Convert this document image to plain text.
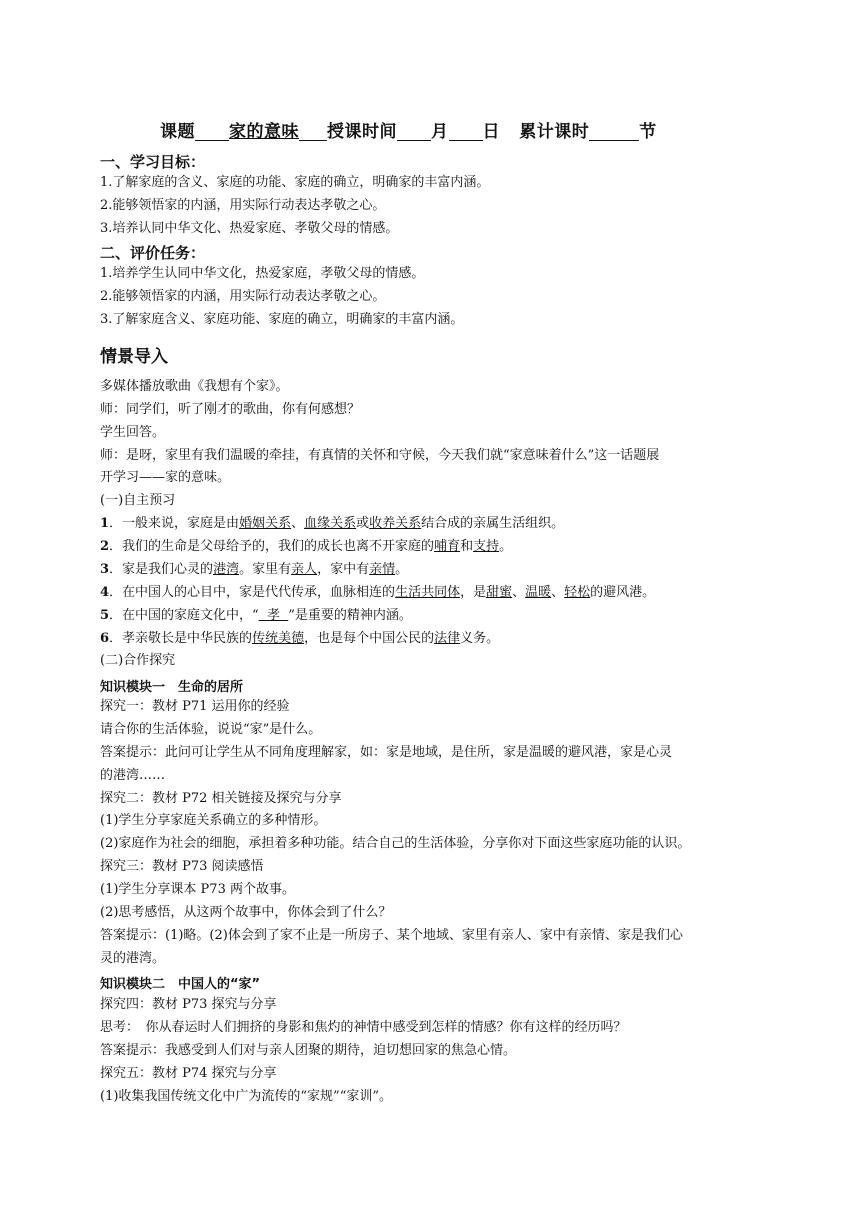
课题 家的意味 授课时间 月 日 累计课时	节
一、学习目标：
1.了解家庭的含义、家庭的功能、家庭的确立，明确家的丰富内涵。
2.能够领悟家的内涵，用实际行动表达孝敬之心。
3.培养认同中华文化、热爱家庭、孝敬父母的情感。
二、评价任务：
1.培养学生认同中华文化，热爱家庭，孝敬父母的情感。
2.能够领悟家的内涵，用实际行动表达孝敬之心。
3.了解家庭含义、家庭功能、家庭的确立，明确家的丰富内涵。
情景导入
多媒体播放歌曲《我想有个家》。
师：同学们，听了刚才的歌曲，你有何感想？
学生回答。
师：是呀，家里有我们温暖的牵挂，有真情的关怀和守候，今天我们就“家意味着什么”这一话题展
开学习——家的意味。
(一)自主预习
1．一般来说，家庭是由婚姻关系、血缘关系或收养关系结合成的亲属生活组织。
2．我们的生命是父母给予的，我们的成长也离不开家庭的哺育和支持。
3．家是我们心灵的港湾。家里有亲人，家中有亲情。
4．在中国人的心目中，家是代代传承，血脉相连的生活共同体，是甜蜜、温暖、轻松的避风港。
5．在中国的家庭文化中，“  孝  ”是重要的精神内涵。
6．孝亲敬长是中华民族的传统美德，也是每个中国公民的法律义务。
(二)合作探究
知识模块一　生命的居所
探究一：教材 P71 运用你的经验
请合你的生活体验，说说“家”是什么。
答案提示：此问可让学生从不同角度理解家，如：家是地域，是住所，家是温暖的避风港，家是心灵
的港湾……
探究二：教材 P72 相关链接及探究与分享
(1)学生分享家庭关系确立的多种情形。
(2)家庭作为社会的细胞，承担着多种功能。结合自己的生活体验，分享你对下面这些家庭功能的认识。
探究三：教材 P73 阅读感悟
(1)学生分享课本 P73 两个故事。
(2)思考感悟，从这两个故事中，你体会到了什么？
答案提示：(1)略。(2)体会到了家不止是一所房子、某个地域、家里有亲人、家中有亲情、家是我们心
灵的港湾。
知识模块二　中国人的“家”
探究四：教材 P73 探究与分享
思考：　你从春运时人们拥挤的身影和焦灼的神情中感受到怎样的情感？你有这样的经历吗？
答案提示：我感受到人们对与亲人团聚的期待，迫切想回家的焦急心情。
探究五：教材 P74 探究与分享
(1)收集我国传统文化中广为流传的“家规”“家训”。
